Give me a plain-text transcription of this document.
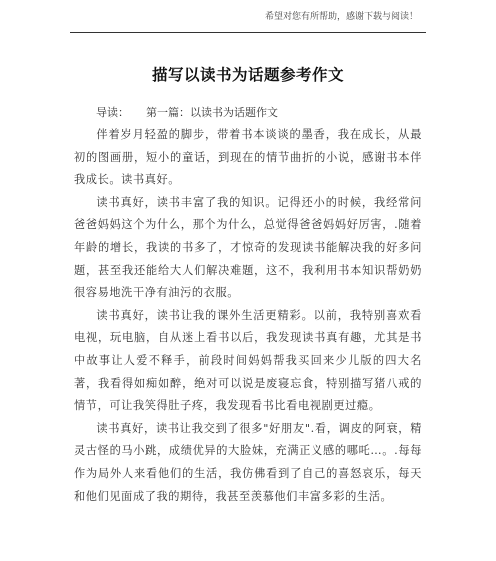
希望对您有所帮助，感谢下载与阅读！
描写以读书为话题参考作文
导读： 第一篇：以读书为话题作文

伴着岁月轻盈的脚步，带着书本谈谈的墨香，我在成长，从最初的图画册，短小的童话，到现在的情节曲折的小说，感谢书本伴我成长。读书真好。

读书真好，读书丰富了我的知识。记得还小的时候，我经常问爸爸妈妈这个为什么，那个为什么，总觉得爸爸妈妈好厉害，.随着年龄的增长，我读的书多了，才惊奇的发现读书能解决我的好多问题，甚至我还能给大人们解决难题，这不，我利用书本知识帮奶奶很容易地洗干净有油污的衣服。

读书真好，读书让我的课外生活更精彩。以前，我特别喜欢看电视，玩电脑，自从迷上看书以后，我发现读书真有趣，尤其是书中故事让人爱不释手，前段时间妈妈帮我买回来少儿版的四大名著，我看得如痴如醉，绝对可以说是废寝忘食，特别描写猪八戒的情节，可让我笑得肚子疼，我发现看书比看电视剧更过瘾。

读书真好，读书让我交到了很多"好朋友".看，调皮的阿衰，精灵古怪的马小跳，成绩优异的大脸妹，充满正义感的哪吒…。.每每作为局外人来看他们的生活，我仿佛看到了自己的喜怒哀乐，每天和他们见面成了我的期待，我甚至羡慕他们丰富多彩的生活。
